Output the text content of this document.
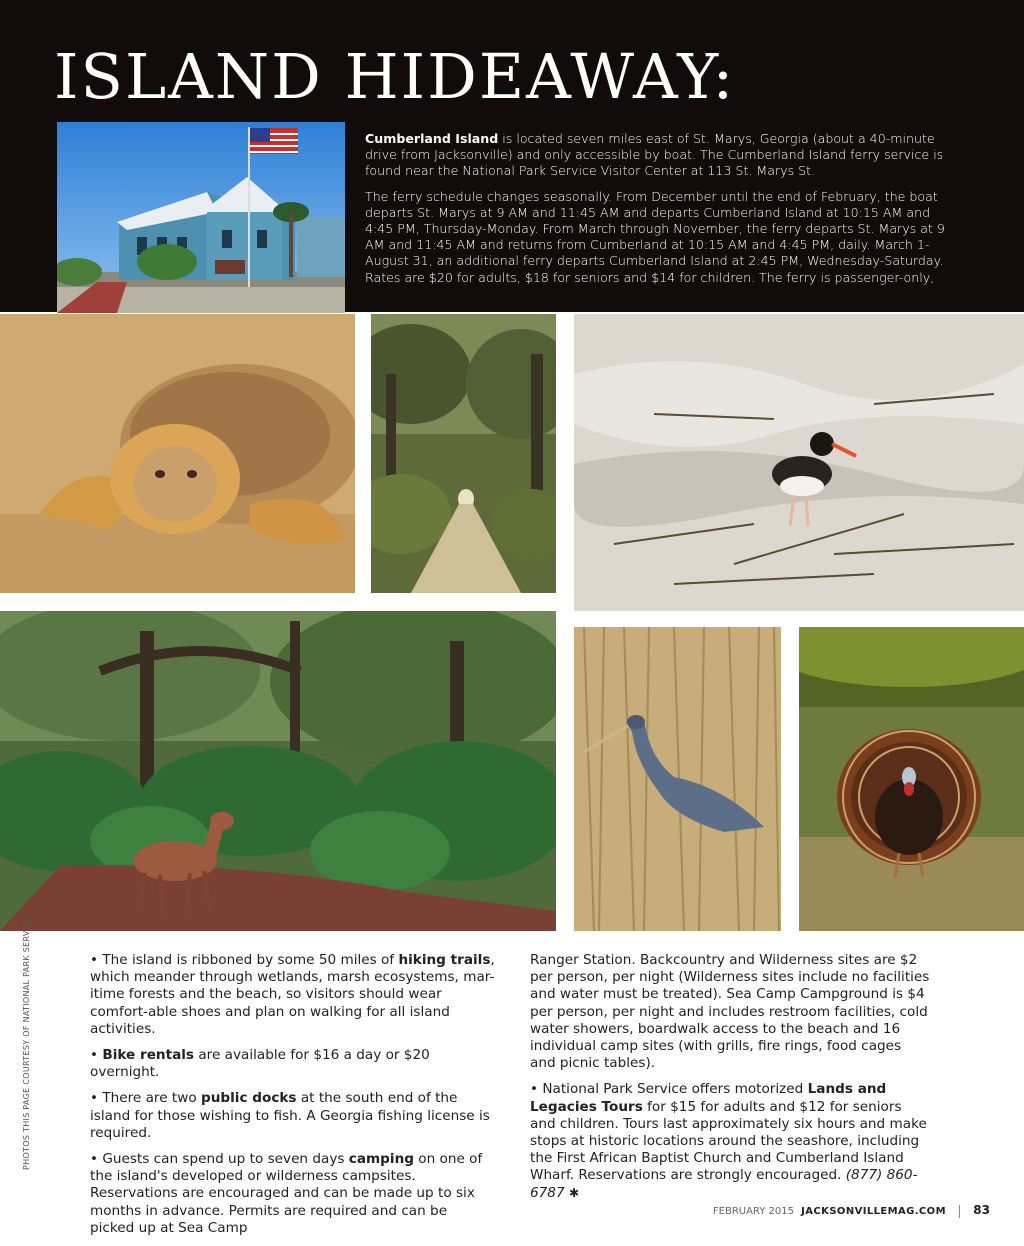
ISLAND HIDEAWAY:

Cumberland Island is located seven miles east of St. Marys, Georgia (about a 40-minute drive from Jacksonville) and only accessible by boat. The Cumberland Island ferry service is found near the National Park Service Visitor Center at 113 St. Marys St.

The ferry schedule changes seasonally. From December until the end of February, the boat departs St. Marys at 9 AM and 11:45 AM and departs Cumberland Island at 10:15 AM and 4:45 PM, Thursday-Monday. From March through November, the ferry departs St. Marys at 9 AM and 11:45 AM and returns from Cumberland at 10:15 AM and 4:45 PM, daily. March 1-August 31, an additional ferry departs Cumberland Island at 2:45 PM, Wednesday-Saturday. Rates are $20 for adults, $18 for seniors and $14 for children. The ferry is passenger-only,

PHOTOS THIS PAGE COURTESY OF NATIONAL PARK SERVICE	• The island is ribboned by some 50 miles of hiking trails, which meander through wetlands, marsh ecosystems, mar-itime forests and the beach, so visitors should wear comfort-able shoes and plan on walking for all island activities.

• Bike rentals are available for $16 a day or $20 overnight.

• There are two public docks at the south end of the island for those wishing to fish. A Georgia fishing license is required.

• Guests can spend up to seven days camping on one of the island's developed or wilderness campsites. Reservations are encouraged and can be made up to six months in advance. Permits are required and can be picked up at Sea Camp

Ranger Station. Backcountry and Wilderness sites are $2 per person, per night (Wilderness sites include no facilities and water must be treated). Sea Camp Campground is $4 per person, per night and includes restroom facilities, cold water showers, boardwalk access to the beach and 16 individual camp sites (with grills, fire rings, food cages and picnic tables).

• National Park Service offers motorized Lands and Legacies Tours for $15 for adults and $12 for seniors and children. Tours last approximately six hours and make stops at historic locations around the seashore, including the First African Baptist Church and Cumberland Island Wharf. Reservations are strongly encouraged. (877) 860-6787 ✱

FEBRUARY 2015 JACKSONVILLEMAG.COM 83
